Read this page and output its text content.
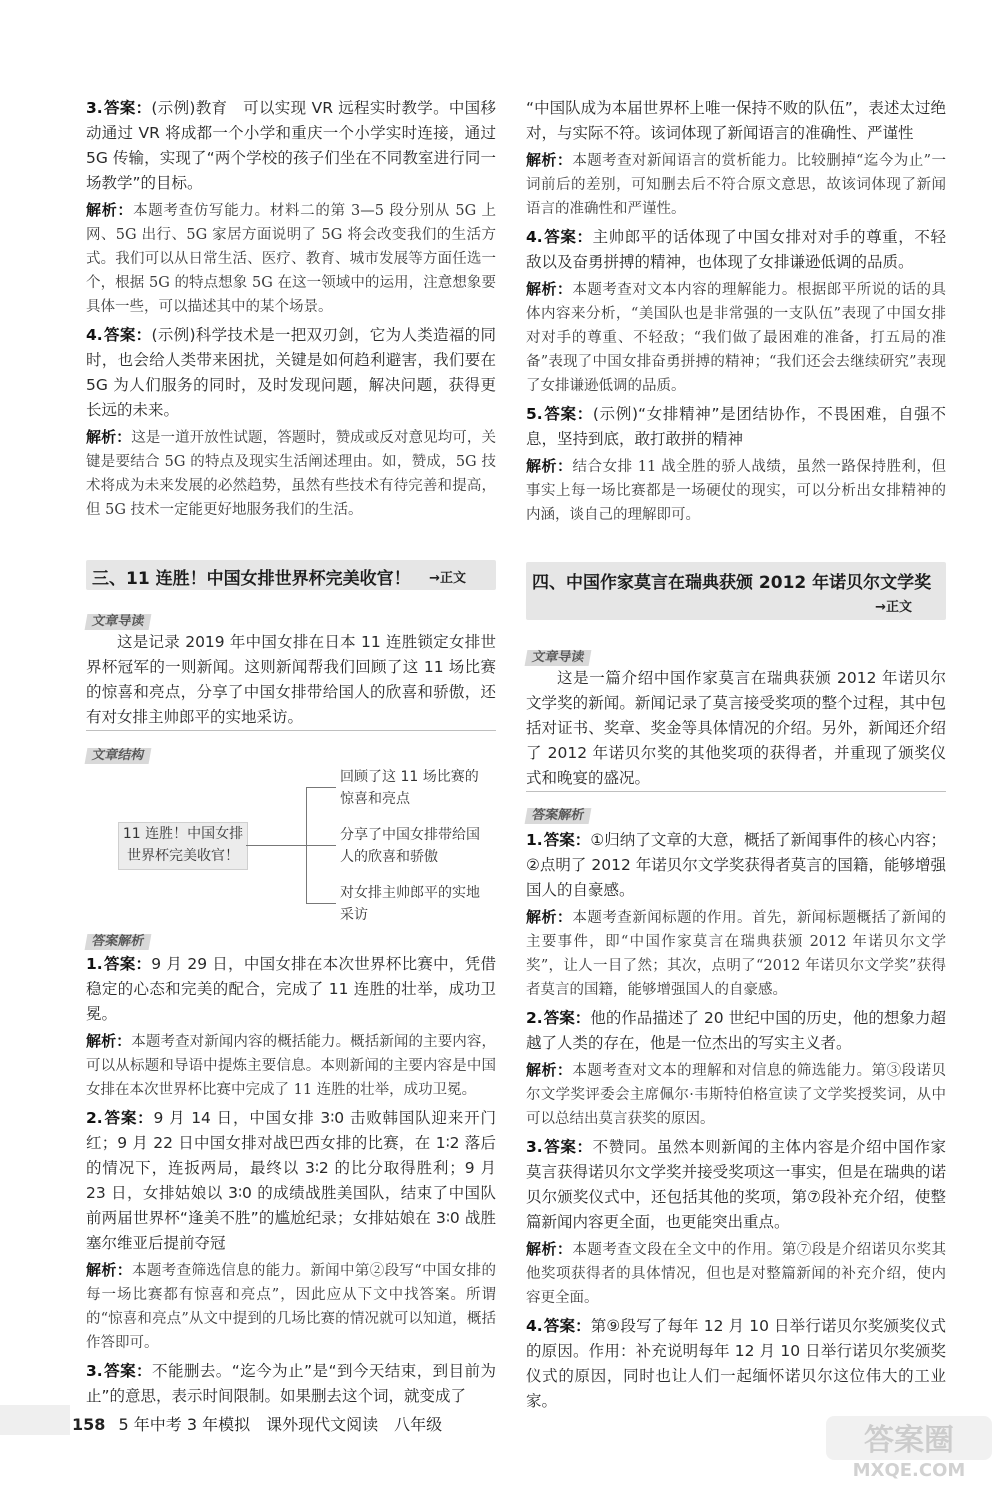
3.答案：(示例)教育　可以实现 VR 远程实时教学。中国移动通过 VR 将成都一个小学和重庆一个小学实时连接，通过 5G 传输，实现了“两个学校的孩子们坐在不同教室进行同一场教学”的目标。

解析：本题考查仿写能力。材料二的第 3—5 段分别从 5G 上网、5G 出行、5G 家居方面说明了 5G 将会改变我们的生活方式。我们可以从日常生活、医疗、教育、城市发展等方面任选一个，根据 5G 的特点想象 5G 在这一领域中的运用，注意想象要具体一些，可以描述其中的某个场景。

4.答案：(示例)科学技术是一把双刃剑，它为人类造福的同时，也会给人类带来困扰，关键是如何趋利避害，我们要在 5G 为人们服务的同时，及时发现问题，解决问题，获得更长远的未来。

解析：这是一道开放性试题，答题时，赞成或反对意见均可，关键是要结合 5G 的特点及现实生活阐述理由。如，赞成，5G 技术将成为未来发展的必然趋势，虽然有些技术有待完善和提高，但 5G 技术一定能更好地服务我们的生活。

三、11 连胜！中国女排世界杯完美收官！ →正文
文章导读
这是记录 2019 年中国女排在日本 11 连胜锁定女排世界杯冠军的一则新闻。这则新闻帮我们回顾了这 11 场比赛的惊喜和亮点，分享了中国女排带给国人的欣喜和骄傲，还有对女排主帅郎平的实地采访。
文章结构
11 连胜！中国女排世界杯完美收官！
回顾了这 11 场比赛的惊喜和亮点
分享了中国女排带给国人的欣喜和骄傲
对女排主帅郎平的实地采访
答案解析

1.答案：9 月 29 日，中国女排在本次世界杯比赛中，凭借稳定的心态和完美的配合，完成了 11 连胜的壮举，成功卫冕。

解析：本题考查对新闻内容的概括能力。概括新闻的主要内容，可以从标题和导语中提炼主要信息。本则新闻的主要内容是中国女排在本次世界杯比赛中完成了 11 连胜的壮举，成功卫冕。

2.答案：9 月 14 日，中国女排 3∶0 击败韩国队迎来开门红；9 月 22 日中国女排对战巴西女排的比赛，在 1∶2 落后的情况下，连扳两局，最终以 3∶2 的比分取得胜利；9 月 23 日，女排姑娘以 3∶0 的成绩战胜美国队，结束了中国队前两届世界杯“逢美不胜”的尴尬纪录；女排姑娘在 3∶0 战胜塞尔维亚后提前夺冠

解析：本题考查筛选信息的能力。新闻中第②段写“中国女排的每一场比赛都有惊喜和亮点”，因此应从下文中找答案。所谓的“惊喜和亮点”从文中提到的几场比赛的情况就可以知道，概括作答即可。

3.答案：不能删去。“迄今为止”是“到今天结束，到目前为止”的意思，表示时间限制。如果删去这个词，就变成了

“中国队成为本届世界杯上唯一保持不败的队伍”，表述太过绝对，与实际不符。该词体现了新闻语言的准确性、严谨性

解析：本题考查对新闻语言的赏析能力。比较删掉“迄今为止”一词前后的差别，可知删去后不符合原文意思，故该词体现了新闻语言的准确性和严谨性。

4.答案：主帅郎平的话体现了中国女排对对手的尊重，不轻敌以及奋勇拼搏的精神，也体现了女排谦逊低调的品质。

解析：本题考查对文本内容的理解能力。根据郎平所说的话的具体内容来分析，“美国队也是非常强的一支队伍”表现了中国女排对对手的尊重、不轻敌；“我们做了最困难的准备，打五局的准备”表现了中国女排奋勇拼搏的精神；“我们还会去继续研究”表现了女排谦逊低调的品质。

5.答案：(示例)“女排精神”是团结协作，不畏困难，自强不息，坚持到底，敢打敢拼的精神

解析：结合女排 11 战全胜的骄人战绩，虽然一路保持胜利，但事实上每一场比赛都是一场硬仗的现实，可以分析出女排精神的内涵，谈自己的理解即可。

四、中国作家莫言在瑞典获颁 2012 年诺贝尔文学奖
→正文
文章导读
这是一篇介绍中国作家莫言在瑞典获颁 2012 年诺贝尔文学奖的新闻。新闻记录了莫言接受奖项的整个过程，其中包括对证书、奖章、奖金等具体情况的介绍。另外，新闻还介绍了 2012 年诺贝尔奖的其他奖项的获得者，并重现了颁奖仪式和晚宴的盛况。
答案解析

1.答案：①归纳了文章的大意，概括了新闻事件的核心内容；②点明了 2012 年诺贝尔文学奖获得者莫言的国籍，能够增强国人的自豪感。

解析：本题考查新闻标题的作用。首先，新闻标题概括了新闻的主要事件，即“中国作家莫言在瑞典获颁 2012 年诺贝尔文学奖”，让人一目了然；其次，点明了“2012 年诺贝尔文学奖”获得者莫言的国籍，能够增强国人的自豪感。

2.答案：他的作品描述了 20 世纪中国的历史，他的想象力超越了人类的存在，他是一位杰出的写实主义者。

解析：本题考查对文本的理解和对信息的筛选能力。第③段诺贝尔文学奖评委会主席佩尔·韦斯特伯格宣读了文学奖授奖词，从中可以总结出莫言获奖的原因。

3.答案：不赞同。虽然本则新闻的主体内容是介绍中国作家莫言获得诺贝尔文学奖并接受奖项这一事实，但是在瑞典的诺贝尔颁奖仪式中，还包括其他的奖项，第⑦段补充介绍，使整篇新闻内容更全面，也更能突出重点。

解析：本题考查文段在全文中的作用。第⑦段是介绍诺贝尔奖其他奖项获得者的具体情况，但也是对整篇新闻的补充介绍，使内容更全面。

4.答案：第⑨段写了每年 12 月 10 日举行诺贝尔奖颁奖仪式的原因。作用：补充说明每年 12 月 10 日举行诺贝尔奖颁奖仪式的原因，同时也让人们一起缅怀诺贝尔这位伟大的工业家。

158 5 年中考 3 年模拟　课外现代文阅读　八年级	答案圈
MXQE.COM
